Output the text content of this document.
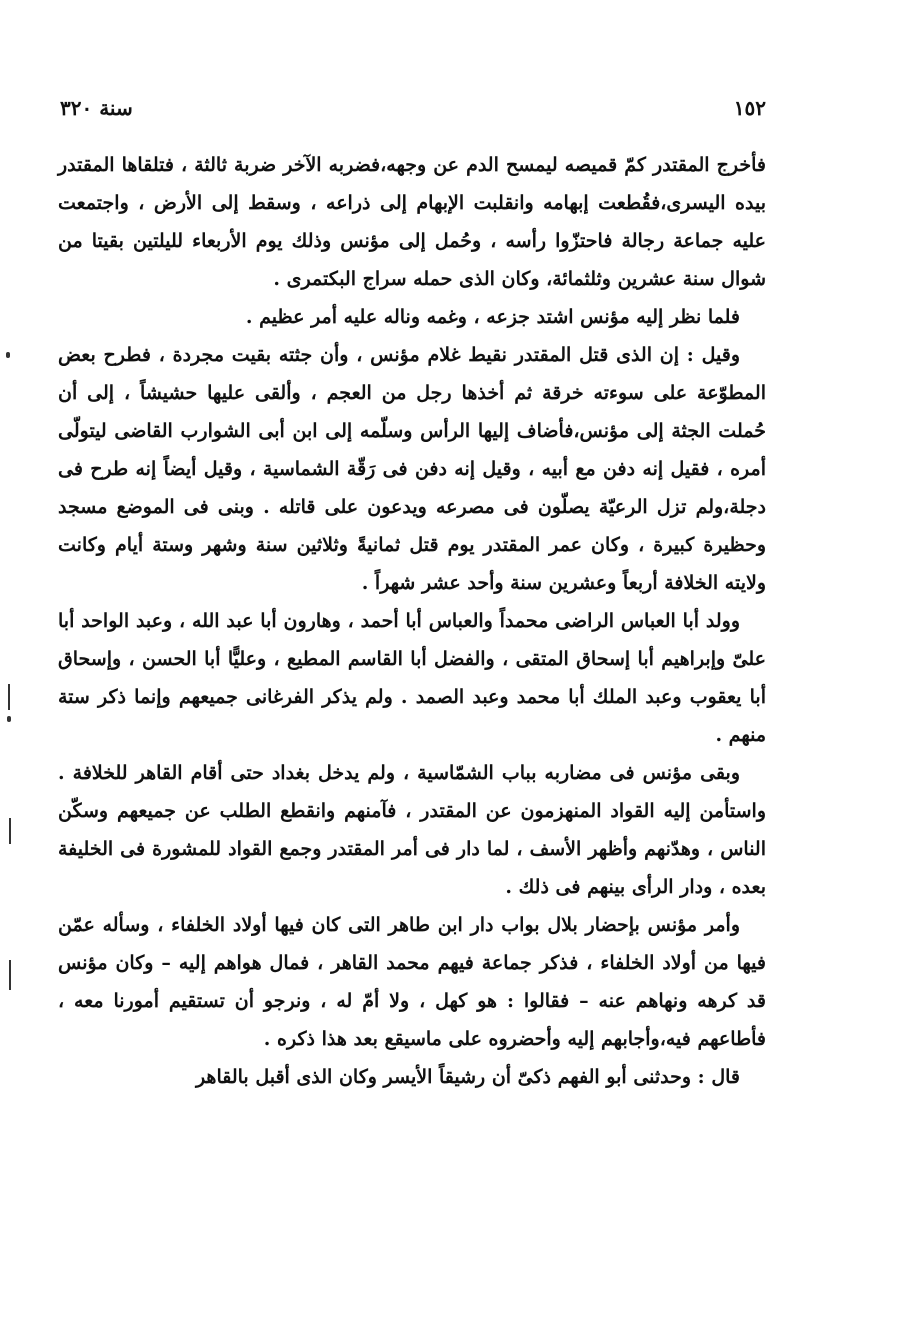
١٥٢
سنة ٣٢٠

فأخرج المقتدر كمّ قميصه ليمسح الدم عن وجهه،فضربه الآخر ضربة ثالثة ، فتلقاها المقتدر بيده اليسرى،فقُطعت إبهامه وانقلبت الإبهام إلى ذراعه ، وسقط إلى الأرض ، واجتمعت عليه جماعة رجالة فاحتزّوا رأسه ، وحُمل إلى مؤنس وذلك يوم الأربعاء لليلتين بقيتا من شوال سنة عشرين وثلثمائة، وكان الذى حمله سراج البكتمرى .

فلما نظر إليه مؤنس اشتد جزعه ، وغمه وناله عليه أمر عظيم .

وقيل : إن الذى قتل المقتدر نقيط غلام مؤنس ، وأن جثته بقيت مجردة ، فطرح بعض المطوّعة على سوءته خرقة ثم أخذها رجل من العجم ، وألقى عليها حشيشاً ، إلى أن حُملت الجثة إلى مؤنس،فأضاف إليها الرأس وسلّمه إلى ابن أبى الشوارب القاضى ليتولّى أمره ، فقيل إنه دفن مع أبيه ، وقيل إنه دفن فى رَقّة الشماسية ، وقيل أيضاً إنه طرح فى دجلة،ولم تزل الرعيّة يصلّون فى مصرعه ويدعون على قاتله . وبنى فى الموضع مسجد وحظيرة كبيرة ، وكان عمر المقتدر يوم قتل ثمانيةً وثلاثين سنة وشهر وستة أيام وكانت ولايته الخلافة أربعاً وعشرين سنة وأحد عشر شهراً .

وولد أبا العباس الراضى محمداً والعباس أبا أحمد ، وهارون أبا عبد الله ، وعبد الواحد أبا علىّ وإبراهيم أبا إسحاق المتقى ، والفضل أبا القاسم المطيع ، وعليًّا أبا الحسن ، وإسحاق أبا يعقوب وعبد الملك أبا محمد وعبد الصمد . ولم يذكر الفرغانى جميعهم وإنما ذكر ستة منهم .

وبقى مؤنس فى مضاربه بباب الشمّاسية ، ولم يدخل بغداد حتى أقام القاهر للخلافة . واستأمن إليه القواد المنهزمون عن المقتدر ، فآمنهم وانقطع الطلب عن جميعهم وسكّن الناس ، وهدّنهم وأظهر الأسف ، لما دار فى أمر المقتدر وجمع القواد للمشورة فى الخليفة بعده ، ودار الرأى بينهم فى ذلك .

وأمر مؤنس بإحضار بلال بواب دار ابن طاهر التى كان فيها أولاد الخلفاء ، وسأله عمّن فيها من أولاد الخلفاء ، فذكر جماعة فيهم محمد القاهر ، فمال هواهم إليه – وكان مؤنس قد كرهه ونهاهم عنه – فقالوا : هو كهل ، ولا أمّ له ، ونرجو أن تستقيم أمورنا معه ، فأطاعهم فيه،وأجابهم إليه وأحضروه على ماسيقع بعد هذا ذكره .

قال : وحدثنى أبو الفهم ذكىّ أن رشيقاً الأيسر وكان الذى أقبل بالقاهر
